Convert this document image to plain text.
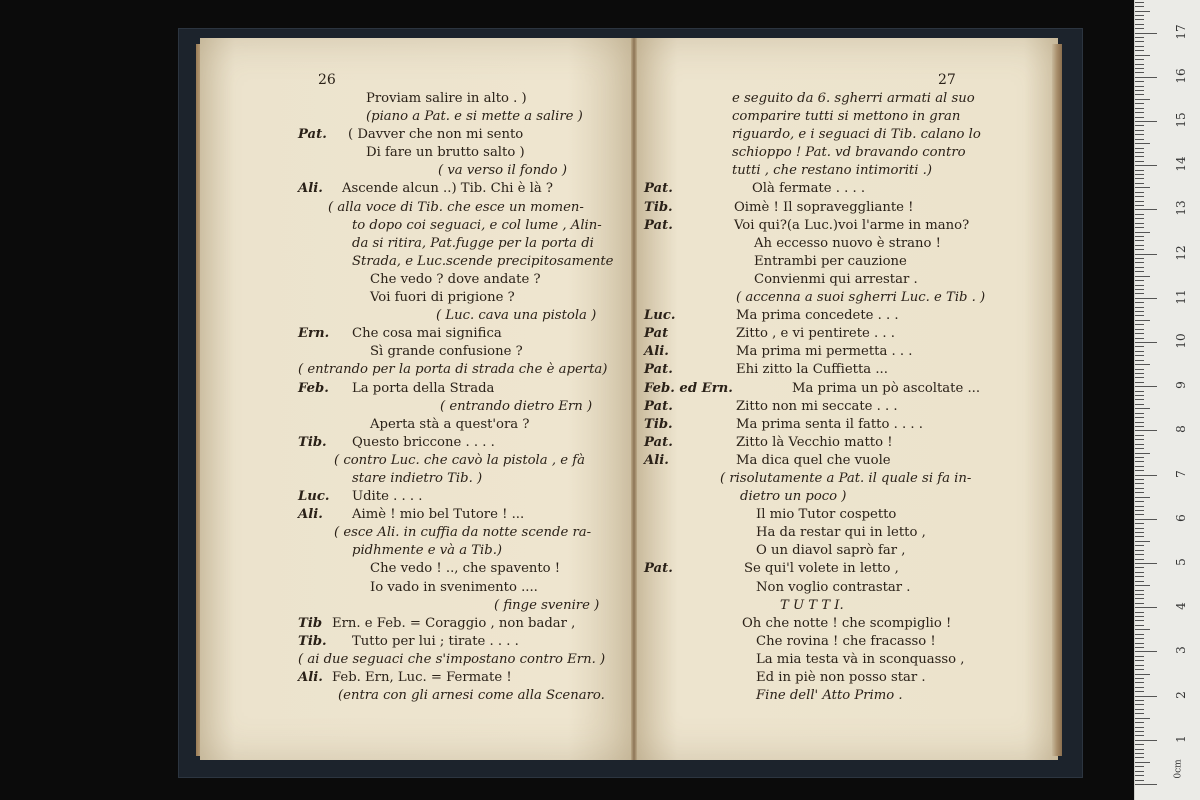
26	27
Proviam salire in alto . )
(piano a Pat. e si mette a salire )
Pat. ( Davver che non mi sento
Di fare un brutto salto )
( va verso il fondo )
Ali. Ascende alcun ..) Tib. Chi è là ?
( alla voce di Tib. che esce un momen-
to dopo coi seguaci, e col lume , Alin-
da si ritira, Pat.fugge per la porta di
Strada, e Luc.scende precipitosamente
Che vedo ? dove andate ?
Voi fuori di prigione ?
( Luc. cava una pistola )
Ern. Che cosa mai significa
Sì grande confusione ?
( entrando per la porta di strada che è aperta)
Feb. La porta della Strada
( entrando dietro Ern )
Aperta stà a quest'ora ?
Tib. Questo briccone . . . .
( contro Luc. che cavò la pistola , e fà
stare indietro Tib. )
Luc. Udite . . . .
Ali. Aimè ! mio bel Tutore ! ...
( esce Ali. in cuffia da notte scende ra-
pidhmente e và a Tib.)
Che vedo ! .., che spavento !
Io vado in svenimento ....
( finge svenire )
Tib Ern. e Feb. = Coraggio , non badar ,
Tib. Tutto per lui ; tirate . . . .
( ai due seguaci che s'impostano contro Ern. )
Ali. Feb. Ern, Luc. = Fermate !
(entra con gli arnesi come alla Scenaro.
e seguito da 6. sgherri armati al suo
comparire tutti si mettono in gran
riguardo, e i seguaci di Tib. calano lo
schioppo ! Pat. vd bravando contro
tutti , che restano intimoriti .)
Pat.	Olà fermate . . . .
Tib.	Oimè ! Il sopraveggliante !
Pat.	Voi qui?(a Luc.)voi l'arme in mano?
Ah eccesso nuovo è strano !
Entrambi per cauzione
Convienmi qui arrestar .
( accenna a suoi sgherri Luc. e Tib . )
Luc.	Ma prima concedete . . .
Pat	Zitto , e vi pentirete . . .
Ali.	Ma prima mi permetta . . .
Pat.	Ehi zitto la Cuffietta ...
Feb. ed Ern.	Ma prima un pò ascoltate ...
Pat.	Zitto non mi seccate . . .
Tib.	Ma prima senta il fatto . . . .
Pat.	Zitto là Vecchio matto !
Ali.	Ma dica quel che vuole
( risolutamente a Pat. il quale si fa in-
dietro un poco )
Il mio Tutor cospetto
Ha da restar qui in letto ,
O un diavol saprò far ,
Pat.	Se qui'l volete in letto ,
Non voglio contrastar .
T U T T I.
Oh che notte ! che scompiglio !
Che rovina ! che fracasso !
La mia testa và in sconquasso ,
Ed in piè non posso star .
Fine dell' Atto Primo .
0cm
1
2
3
4
5
6
7
8
9
10
11
12
13
14
15
16
17
